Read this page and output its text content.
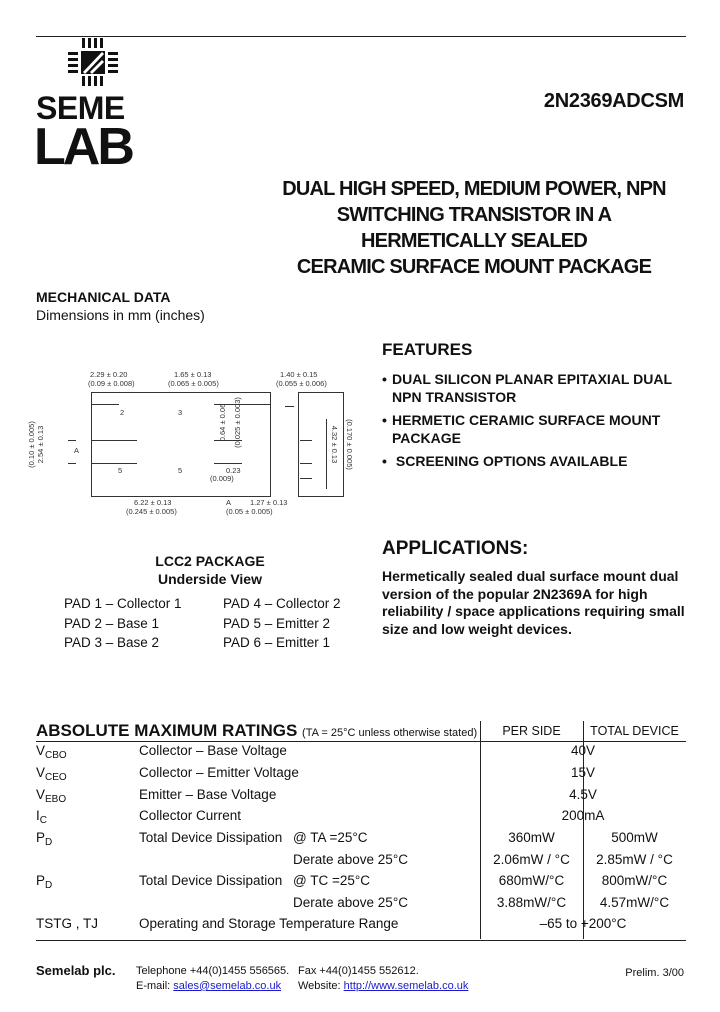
SEME
LAB
2N2369ADCSM
DUAL HIGH SPEED, MEDIUM POWER, NPN
SWITCHING TRANSISTOR IN A
HERMETICALLY SEALED
CERAMIC SURFACE MOUNT PACKAGE
MECHANICAL DATA
Dimensions in mm (inches)
2	3
5	5
A
2.29 ± 0.20
(0.09 ± 0.008)
1.65 ± 0.13
(0.065 ± 0.005)
1.40 ± 0.15
(0.055 ± 0.006)
2.54 ± 0.13
(0.10 ± 0.005)	0.64 ± 0.06 (0.025 ± 0.003)	4.32 ± 0.13 (0.170 ± 0.005)
0.23
(0.009)
6.22 ± 0.13
(0.245 ± 0.005)
A	1.27 ± 0.13
(0.05 ± 0.005)
LCC2 PACKAGE
Underside View
PAD 1 – Collector 1
PAD 2 – Base 1
PAD 3 – Base 2
PAD 4 – Collector 2
PAD 5 – Emitter 2
PAD 6 – Emitter 1
FEATURES
• DUAL SILICON PLANAR EPITAXIAL DUAL NPN TRANSISTOR
• HERMETIC CERAMIC SURFACE MOUNT PACKAGE
• SCREENING OPTIONS AVAILABLE
APPLICATIONS:

Hermetically sealed dual surface mount dual version of the popular 2N2369A for high reliability / space applications requiring small size and low weight devices.

ABSOLUTE MAXIMUM RATINGS (TA = 25°C unless otherwise stated)	PER SIDE	TOTAL DEVICE
$V_{CBO}$	Collector – Base Voltage	40V
$V_{CEO}$	Collector – Emitter Voltage	15V
$V_{EBO}$	Emitter – Base Voltage	4.5V
$I_C$	Collector Current	200mA
$P_D$	Total Device Dissipation @ TA =25°C	360mW	500mW
Derate above 25°C	2.06mW / °C	2.85mW / °C
$P_D$	Total Device Dissipation @ TC =25°C	680mW/°C	800mW/°C
Derate above 25°C	3.88mW/°C	4.57mW/°C
TSTG , TJ	Operating and Storage Temperature Range	–65 to +200°C
Semelab plc. Telephone +44(0)1455 556565. Fax +44(0)1455 552612.
E-mail: sales@semelab.co.uk Website: http://www.semelab.co.uk
Prelim. 3/00
